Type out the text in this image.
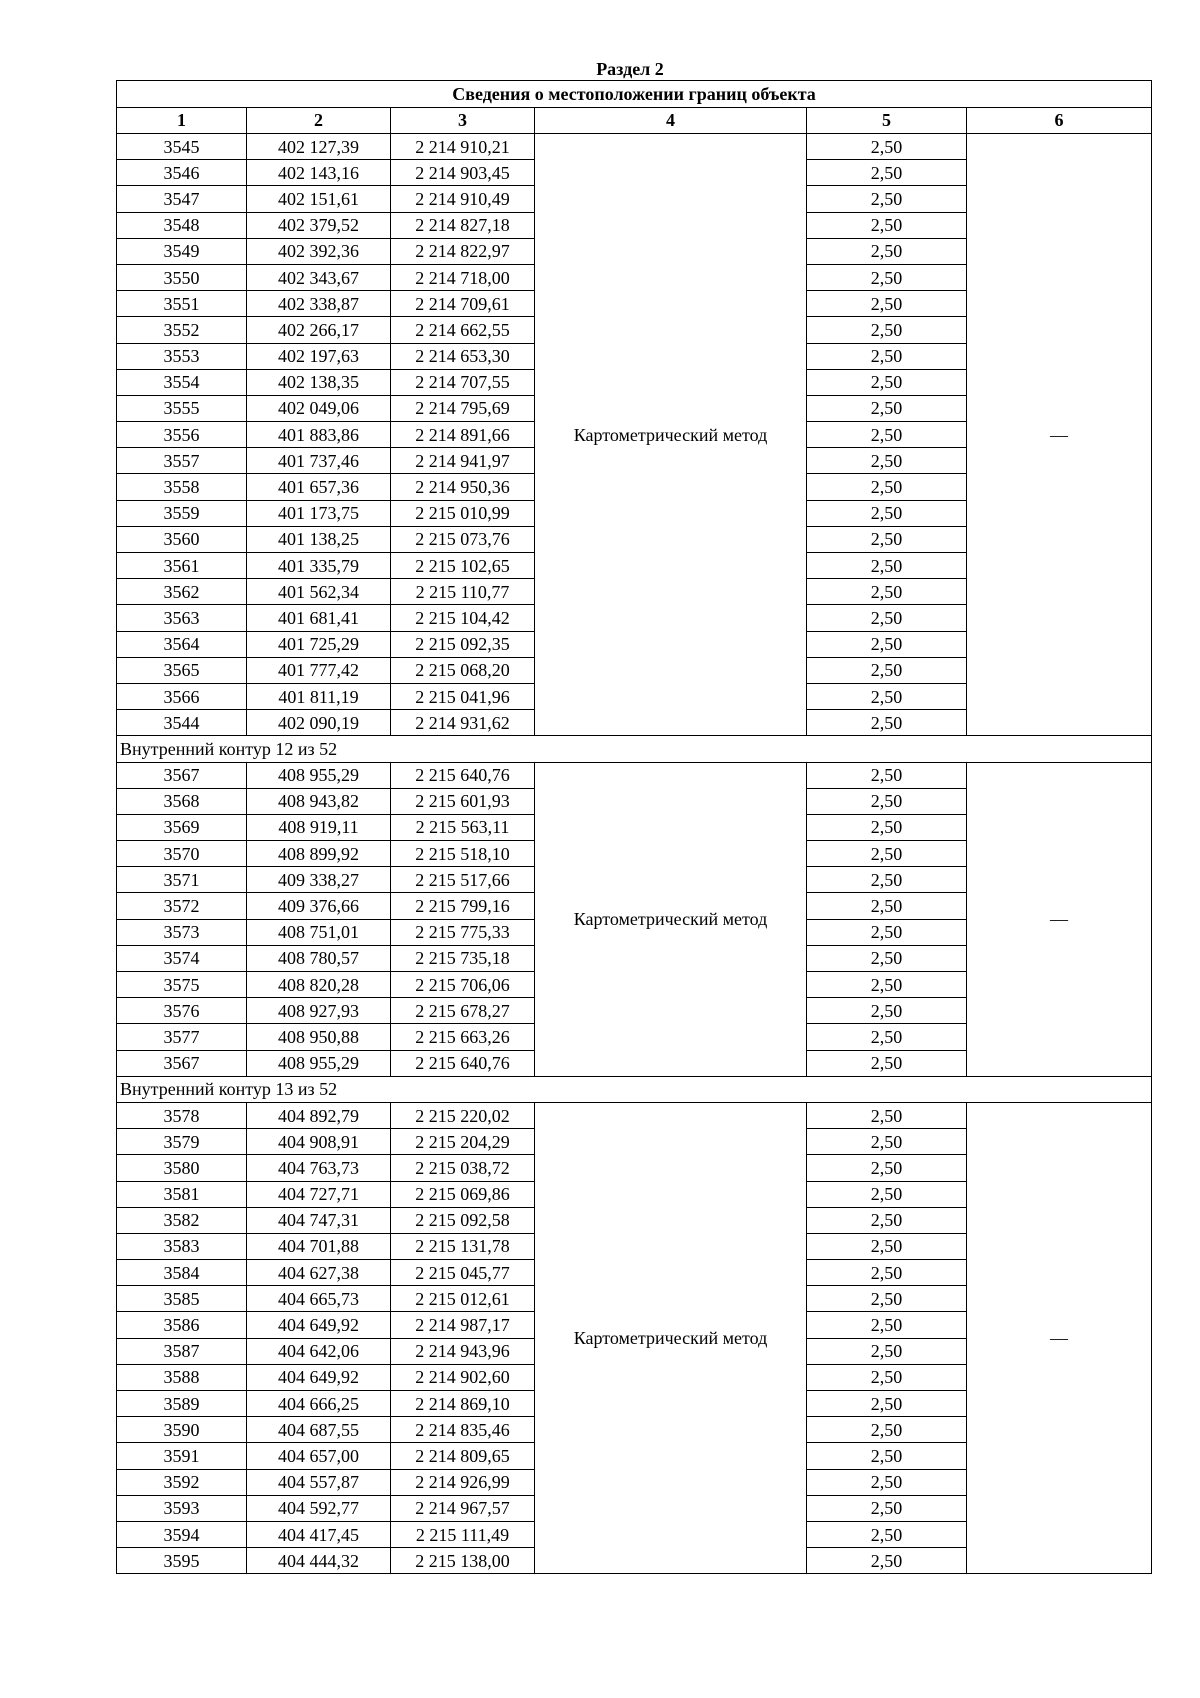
Раздел 2
Сведения о местоположении границ объекта					
1	2	3	4	5	6
3545	402 127,39	2 214 910,21	Картометрический метод	2,50	—
3546	402 143,16	2 214 903,45		2,50	
3547	402 151,61	2 214 910,49		2,50	
3548	402 379,52	2 214 827,18		2,50	
3549	402 392,36	2 214 822,97		2,50	
3550	402 343,67	2 214 718,00		2,50	
3551	402 338,87	2 214 709,61		2,50	
3552	402 266,17	2 214 662,55		2,50	
3553	402 197,63	2 214 653,30		2,50	
3554	402 138,35	2 214 707,55		2,50	
3555	402 049,06	2 214 795,69		2,50	
3556	401 883,86	2 214 891,66		2,50	
3557	401 737,46	2 214 941,97		2,50	
3558	401 657,36	2 214 950,36		2,50	
3559	401 173,75	2 215 010,99		2,50	
3560	401 138,25	2 215 073,76		2,50	
3561	401 335,79	2 215 102,65		2,50	
3562	401 562,34	2 215 110,77		2,50	
3563	401 681,41	2 215 104,42		2,50	
3564	401 725,29	2 215 092,35		2,50	
3565	401 777,42	2 215 068,20		2,50	
3566	401 811,19	2 215 041,96		2,50	
3544	402 090,19	2 214 931,62		2,50	
Внутренний контур 12 из 52					
3567	408 955,29	2 215 640,76	Картометрический метод	2,50	—
3568	408 943,82	2 215 601,93		2,50	
3569	408 919,11	2 215 563,11		2,50	
3570	408 899,92	2 215 518,10		2,50	
3571	409 338,27	2 215 517,66		2,50	
3572	409 376,66	2 215 799,16		2,50	
3573	408 751,01	2 215 775,33		2,50	
3574	408 780,57	2 215 735,18		2,50	
3575	408 820,28	2 215 706,06		2,50	
3576	408 927,93	2 215 678,27		2,50	
3577	408 950,88	2 215 663,26		2,50	
3567	408 955,29	2 215 640,76		2,50	
Внутренний контур 13 из 52					
3578	404 892,79	2 215 220,02	Картометрический метод	2,50	—
3579	404 908,91	2 215 204,29		2,50	
3580	404 763,73	2 215 038,72		2,50	
3581	404 727,71	2 215 069,86		2,50	
3582	404 747,31	2 215 092,58		2,50	
3583	404 701,88	2 215 131,78		2,50	
3584	404 627,38	2 215 045,77		2,50	
3585	404 665,73	2 215 012,61		2,50	
3586	404 649,92	2 214 987,17		2,50	
3587	404 642,06	2 214 943,96		2,50	
3588	404 649,92	2 214 902,60		2,50	
3589	404 666,25	2 214 869,10		2,50	
3590	404 687,55	2 214 835,46		2,50	
3591	404 657,00	2 214 809,65		2,50	
3592	404 557,87	2 214 926,99		2,50	
3593	404 592,77	2 214 967,57		2,50	
3594	404 417,45	2 215 111,49		2,50	
3595	404 444,32	2 215 138,00		2,50	
